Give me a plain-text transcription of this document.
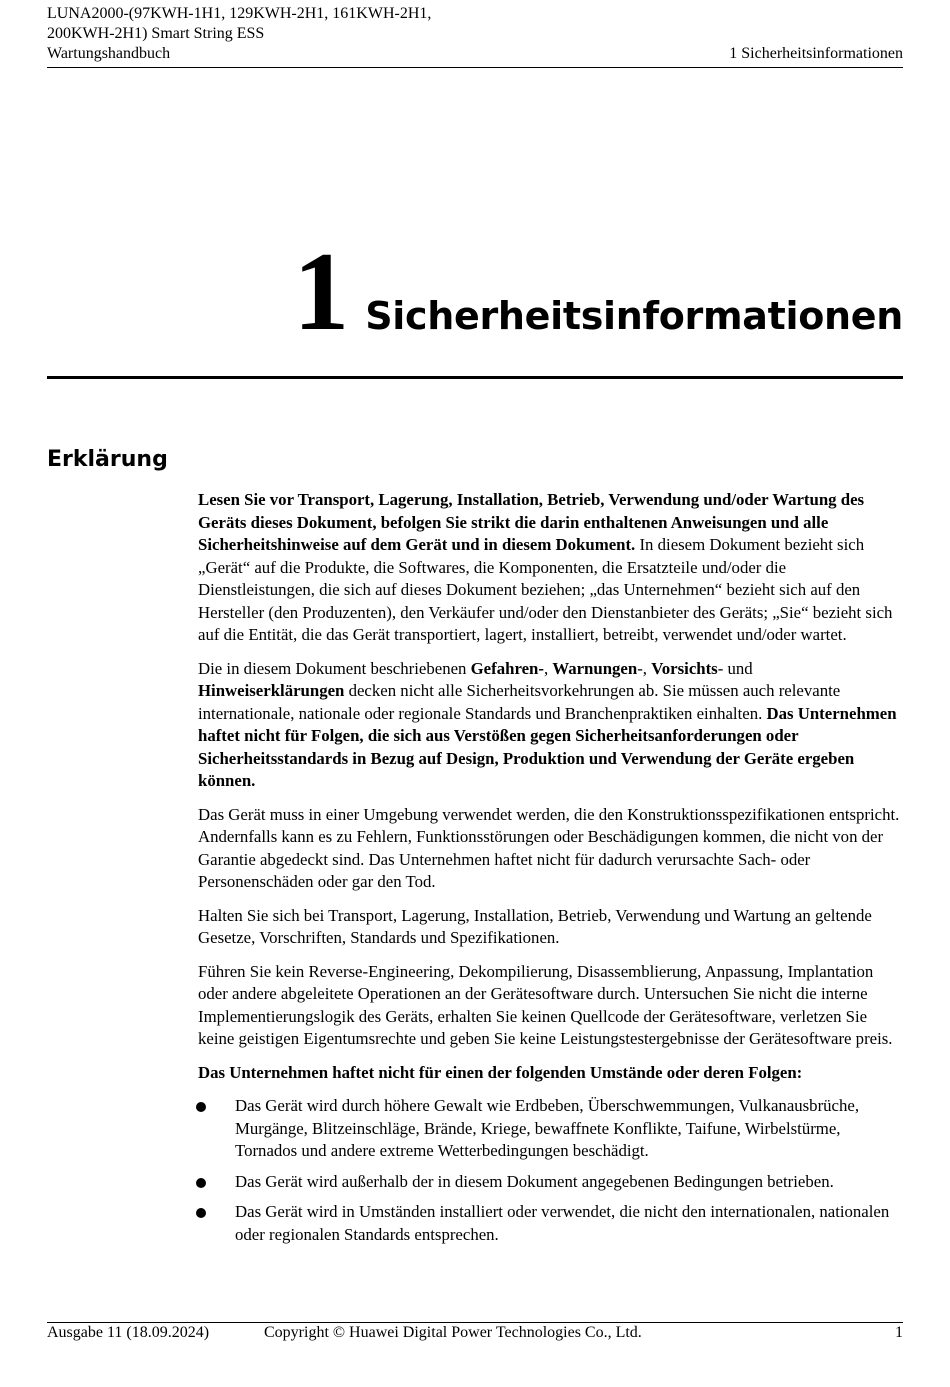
LUNA2000-(97KWH-1H1, 129KWH-2H1, 161KWH-2H1,
200KWH-2H1) Smart String ESS
Wartungshandbuch	1 Sicherheitsinformationen
1 Sicherheitsinformationen
Erklärung

Lesen Sie vor Transport, Lagerung, Installation, Betrieb, Verwendung und/oder Wartung des Geräts dieses Dokument, befolgen Sie strikt die darin enthaltenen Anweisungen und alle Sicherheitshinweise auf dem Gerät und in diesem Dokument. In diesem Dokument bezieht sich „Gerät“ auf die Produkte, die Softwares, die Komponenten, die Ersatzteile und/oder die Dienstleistungen, die sich auf dieses Dokument beziehen; „das Unternehmen“ bezieht sich auf den Hersteller (den Produzenten), den Verkäufer und/oder den Dienstanbieter des Geräts; „Sie“ bezieht sich auf die Entität, die das Gerät transportiert, lagert, installiert, betreibt, verwendet und/oder wartet.

Die in diesem Dokument beschriebenen Gefahren-, Warnungen-, Vorsichts- und Hinweiserklärungen decken nicht alle Sicherheitsvorkehrungen ab. Sie müssen auch relevante internationale, nationale oder regionale Standards und Branchenpraktiken einhalten. Das Unternehmen haftet nicht für Folgen, die sich aus Verstößen gegen Sicherheitsanforderungen oder Sicherheitsstandards in Bezug auf Design, Produktion und Verwendung der Geräte ergeben können.

Das Gerät muss in einer Umgebung verwendet werden, die den Konstruktionsspezifikationen entspricht. Andernfalls kann es zu Fehlern, Funktionsstörungen oder Beschädigungen kommen, die nicht von der Garantie abgedeckt sind. Das Unternehmen haftet nicht für dadurch verursachte Sach- oder Personenschäden oder gar den Tod.

Halten Sie sich bei Transport, Lagerung, Installation, Betrieb, Verwendung und Wartung an geltende Gesetze, Vorschriften, Standards und Spezifikationen.

Führen Sie kein Reverse-Engineering, Dekompilierung, Disassemblierung, Anpassung, Implantation oder andere abgeleitete Operationen an der Gerätesoftware durch. Untersuchen Sie nicht die interne Implementierungslogik des Geräts, erhalten Sie keinen Quellcode der Gerätesoftware, verletzen Sie keine geistigen Eigentumsrechte und geben Sie keine Leistungstestergebnisse der Gerätesoftware preis.

Das Unternehmen haftet nicht für einen der folgenden Umstände oder deren Folgen:

Das Gerät wird durch höhere Gewalt wie Erdbeben, Überschwemmungen, Vulkanausbrüche, Murgänge, Blitzeinschläge, Brände, Kriege, bewaffnete Konflikte, Taifune, Wirbelstürme, Tornados und andere extreme Wetterbedingungen beschädigt.
Das Gerät wird außerhalb der in diesem Dokument angegebenen Bedingungen betrieben.
Das Gerät wird in Umständen installiert oder verwendet, die nicht den internationalen, nationalen oder regionalen Standards entsprechen.
Ausgabe 11 (18.09.2024)	Copyright © Huawei Digital Power Technologies Co., Ltd.	1
